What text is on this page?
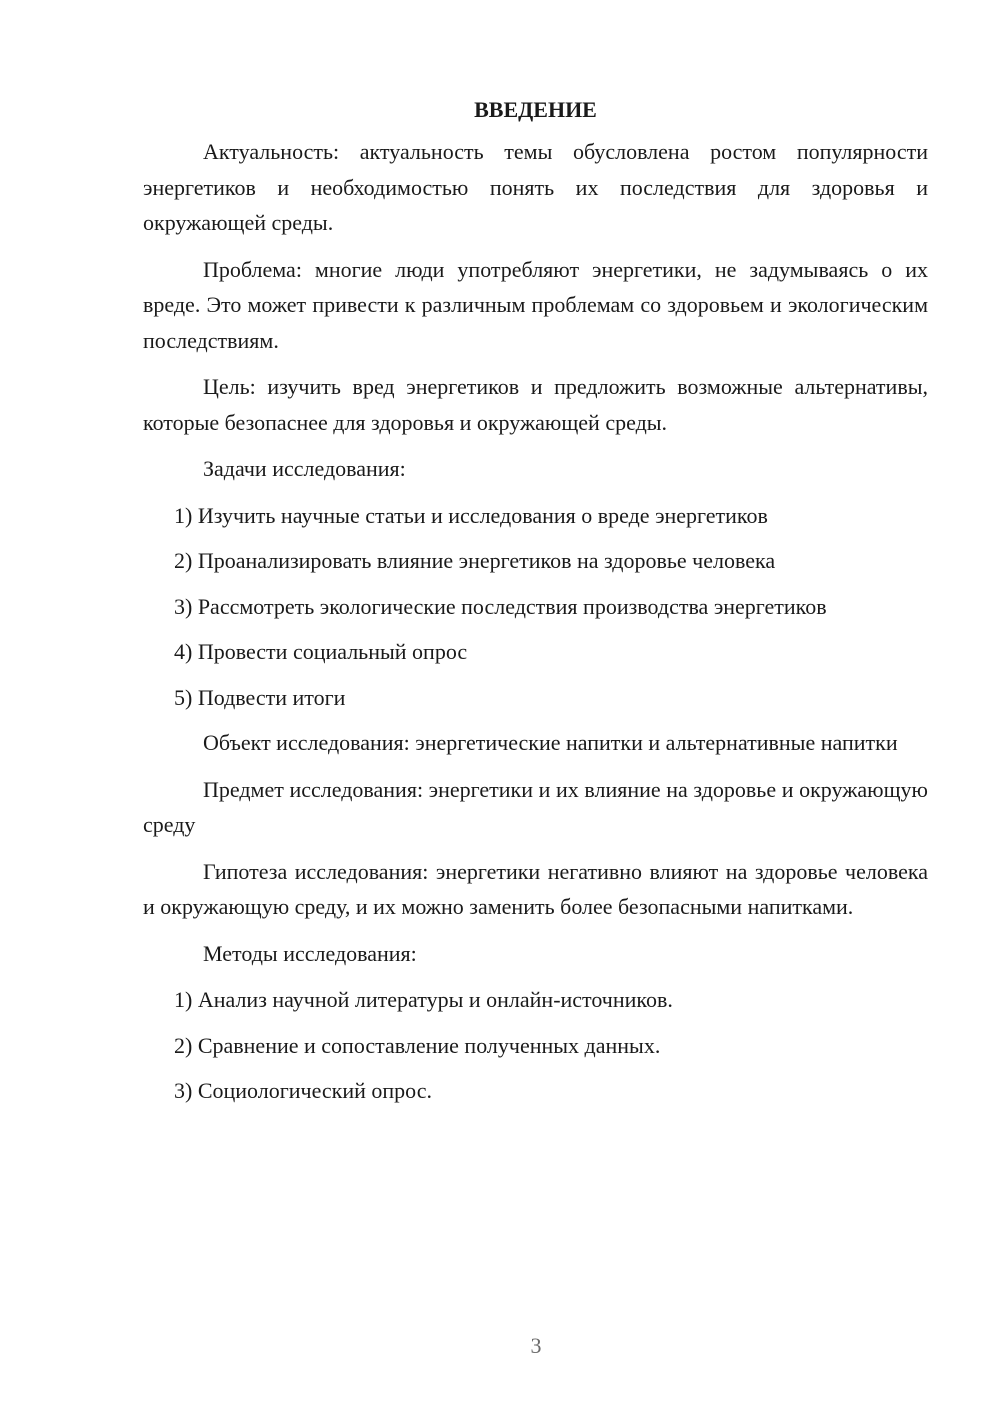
ВВЕДЕНИЕ

Актуальность: актуальность темы обусловлена ростом популярности энергетиков и необходимостью понять их последствия для здоровья и окружающей среды.

Проблема: многие люди употребляют энергетики, не задумываясь о их вреде. Это может привести к различным проблемам со здоровьем и экологическим последствиям.

Цель: изучить вред энергетиков и предложить возможные альтернативы, которые безопаснее для здоровья и окружающей среды.

Задачи исследования:

1) Изучить научные статьи и исследования о вреде энергетиков

2) Проанализировать влияние энергетиков на здоровье человека

3) Рассмотреть экологические последствия производства энергетиков

4) Провести социальный опрос

5) Подвести итоги

Объект исследования: энергетические напитки и альтернативные напитки

Предмет исследования: энергетики и их влияние на здоровье и окружающую среду

Гипотеза исследования: энергетики негативно влияют на здоровье человека и окружающую среду, и их можно заменить более безопасными напитками.

Методы исследования:

1) Анализ научной литературы и онлайн-источников.

2) Сравнение и сопоставление полученных данных.

3) Социологический опрос.

3
